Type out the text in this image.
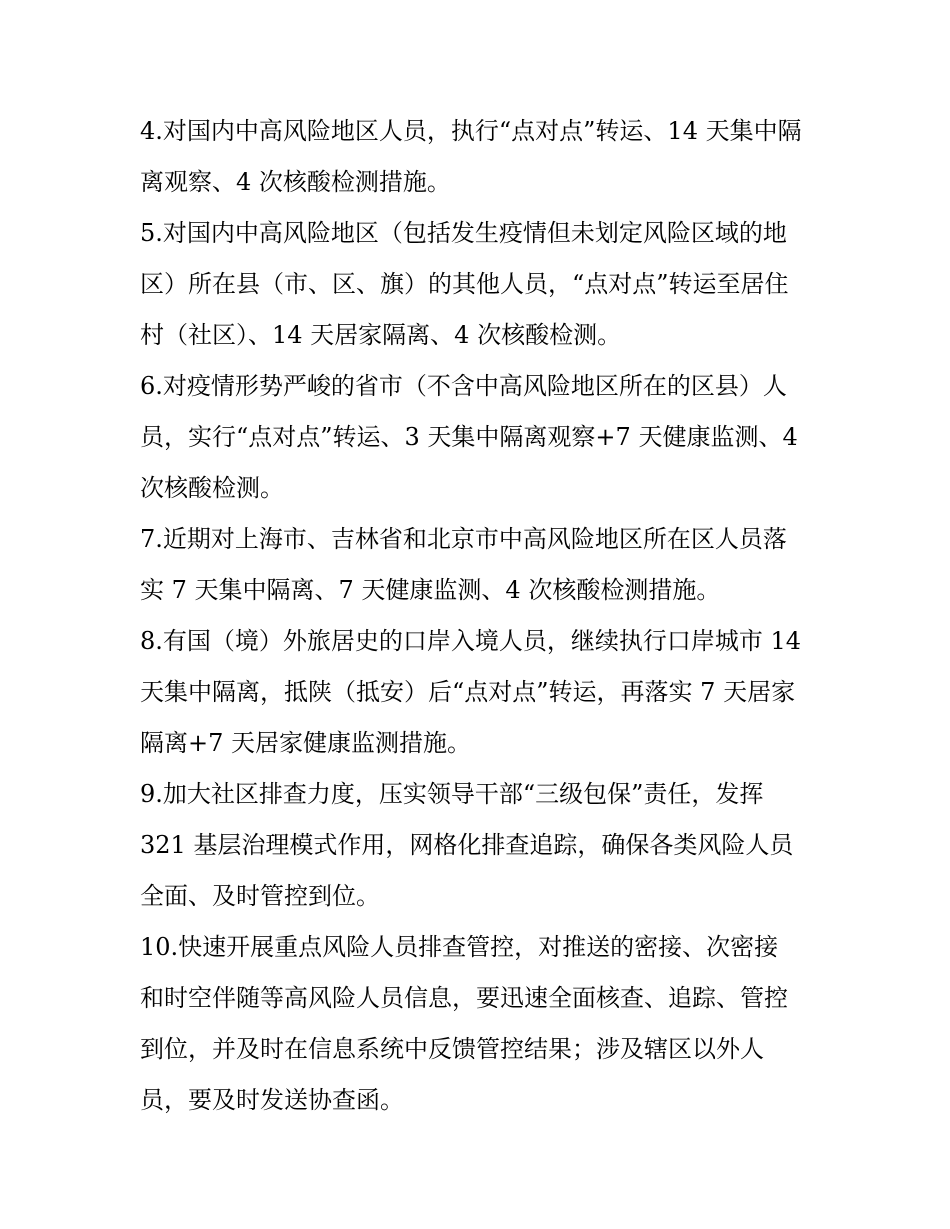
4.对国内中高风险地区人员，执行“点对点”转运、14 天集中隔
离观察、4 次核酸检测措施。
5.对国内中高风险地区（包括发生疫情但未划定风险区域的地
区）所在县（市、区、旗）的其他人员，“点对点”转运至居住
村（社区）、14 天居家隔离、4 次核酸检测。
6.对疫情形势严峻的省市（不含中高风险地区所在的区县）人
员，实行“点对点”转运、3 天集中隔离观察+7 天健康监测、4
次核酸检测。
7.近期对上海市、吉林省和北京市中高风险地区所在区人员落
实 7 天集中隔离、7 天健康监测、4 次核酸检测措施。
8.有国（境）外旅居史的口岸入境人员，继续执行口岸城市 14
天集中隔离，抵陕（抵安）后“点对点”转运，再落实 7 天居家
隔离+7 天居家健康监测措施。
9.加大社区排查力度，压实领导干部“三级包保”责任，发挥
321 基层治理模式作用，网格化排查追踪，确保各类风险人员
全面、及时管控到位。
10.快速开展重点风险人员排查管控，对推送的密接、次密接
和时空伴随等高风险人员信息，要迅速全面核查、追踪、管控
到位，并及时在信息系统中反馈管控结果；涉及辖区以外人
员，要及时发送协查函。
